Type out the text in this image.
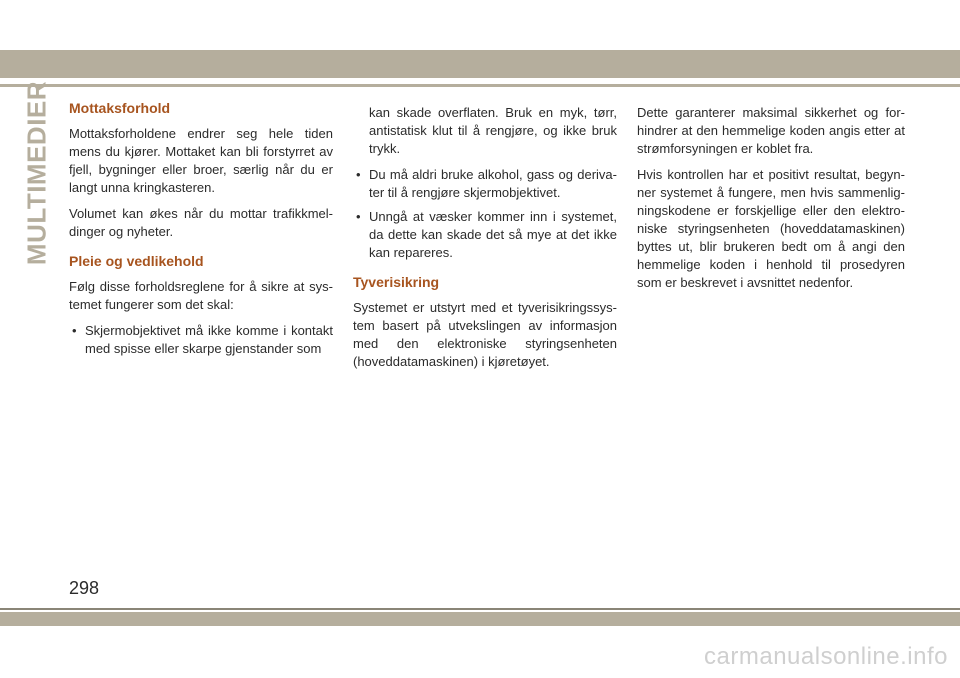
MULTIMEDIER Mottaksforhold

Mottaksforholdene endrer seg hele tiden mens du kjører. Mottaket kan bli forstyrret av fjell, bygninger eller broer, særlig når du er langt unna kringkasteren.

Volumet kan økes når du mottar trafikkmel-dinger og nyheter.

Pleie og vedlikehold

Følg disse forholdsreglene for å sikre at sys-temet fungerer som det skal:

• Skjermobjektivet må ikke komme i kontakt med spisse eller skarpe gjenstander som

kan skade overflaten. Bruk en myk, tørr, antistatisk klut til å rengjøre, og ikke bruk trykk.

• Du må aldri bruke alkohol, gass og deriva-ter til å rengjøre skjermobjektivet.
• Unngå at væsker kommer inn i systemet, da dette kan skade det så mye at det ikke kan repareres.
Tyverisikring

Systemet er utstyrt med et tyverisikringssys-tem basert på utvekslingen av informasjon med den elektroniske styringsenheten (hoveddatamaskinen) i kjøretøyet.

Dette garanterer maksimal sikkerhet og for-hindrer at den hemmelige koden angis etter at strømforsyningen er koblet fra.

Hvis kontrollen har et positivt resultat, begyn-ner systemet å fungere, men hvis sammenlig-ningskodene er forskjellige eller den elektro-niske styringsenheten (hoveddatamaskinen) byttes ut, blir brukeren bedt om å angi den hemmelige koden i henhold til prosedyren som er beskrevet i avsnittet nedenfor.

298
carmanualsonline.info
